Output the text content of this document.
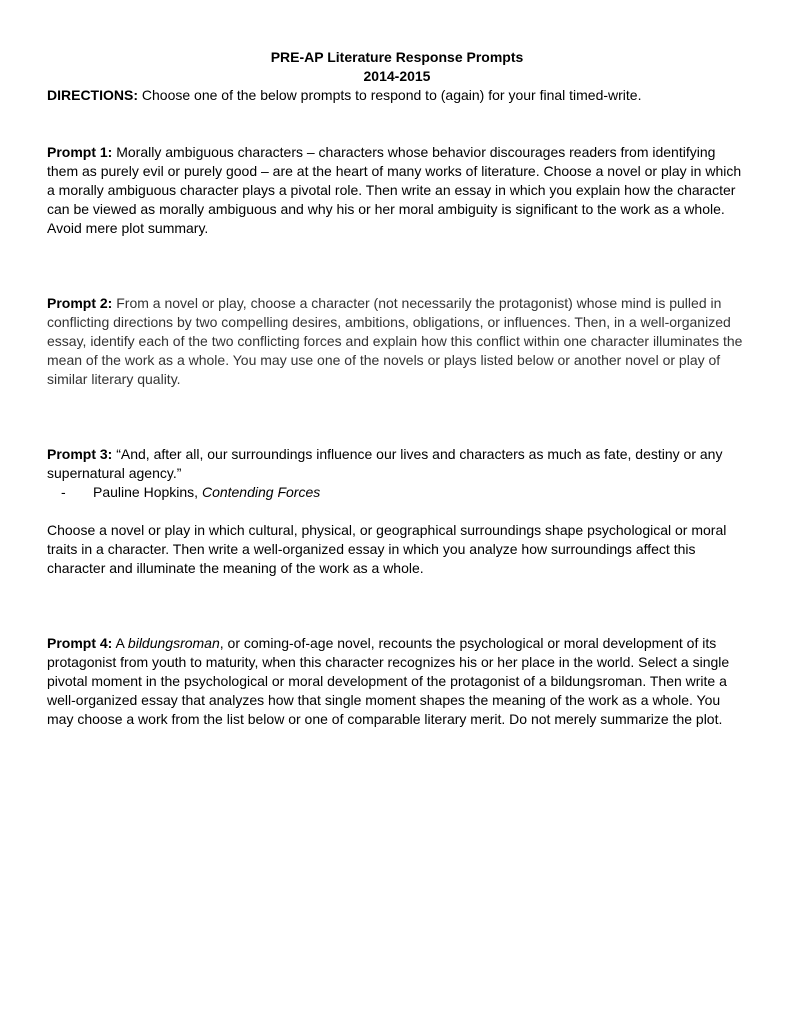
PRE-AP Literature Response Prompts
2014-2015

DIRECTIONS: Choose one of the below prompts to respond to (again) for your final timed-write.

Prompt 1: Morally ambiguous characters – characters whose behavior discourages readers from identifying them as purely evil or purely good – are at the heart of many works of literature. Choose a novel or play in which a morally ambiguous character plays a pivotal role. Then write an essay in which you explain how the character can be viewed as morally ambiguous and why his or her moral ambiguity is significant to the work as a whole. Avoid mere plot summary.

Prompt 2: From a novel or play, choose a character (not necessarily the protagonist) whose mind is pulled in conflicting directions by two compelling desires, ambitions, obligations, or influences. Then, in a well-organized essay, identify each of the two conflicting forces and explain how this conflict within one character illuminates the mean of the work as a whole. You may use one of the novels or plays listed below or another novel or play of similar literary quality.

Prompt 3: “And, after all, our surroundings influence our lives and characters as much as fate, destiny or any supernatural agency.”

- Pauline Hopkins, Contending Forces

Choose a novel or play in which cultural, physical, or geographical surroundings shape psychological or moral traits in a character. Then write a well-organized essay in which you analyze how surroundings affect this character and illuminate the meaning of the work as a whole.

Prompt 4: A bildungsroman, or coming-of-age novel, recounts the psychological or moral development of its protagonist from youth to maturity, when this character recognizes his or her place in the world. Select a single pivotal moment in the psychological or moral development of the protagonist of a bildungsroman. Then write a well-organized essay that analyzes how that single moment shapes the meaning of the work as a whole. You may choose a work from the list below or one of comparable literary merit. Do not merely summarize the plot.
